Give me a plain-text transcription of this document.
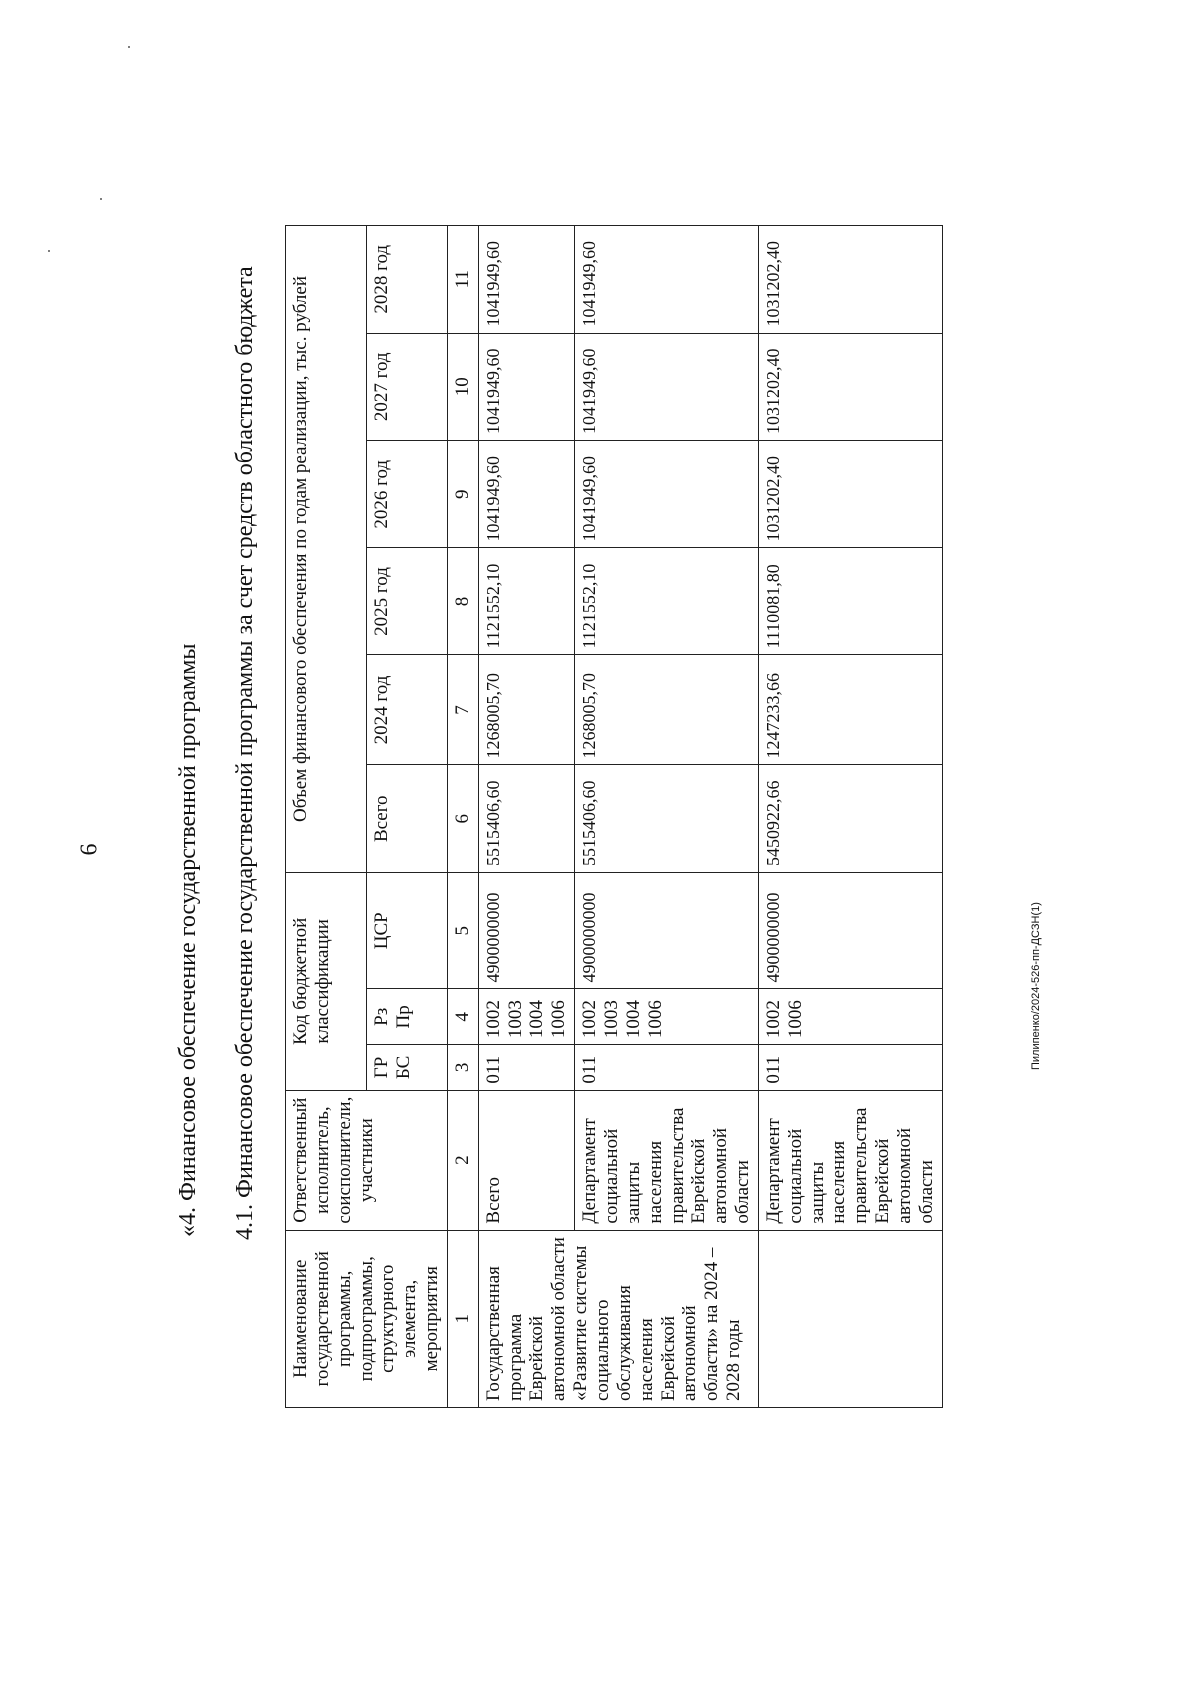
6	«4. Финансовое обеспечение государственной программы 4.1. Финансовое обеспечение государственной программы за счет средств областного бюджета
Наименование государственной программы, подпрограммы, структурного элемента, мероприятия	Ответственный исполнитель, соисполнители, участники	Код бюджетной классификации			Объем финансового обеспечения по годам реализации, тыс. рублей					
		ГР БС	Рз Пр	ЦСР	Всего	2024 год	2025 год	2026 год	2027 год	2028 год
1	2	3	4	5	6	7	8	9	10	11
Государственная программа Еврейской автономной области «Развитие системы социального обслуживания населения Еврейской автономной области» на 2024 – 2028 годы	Всего	011	1002
1003
1004
1006	4900000000	5515406,60	1268005,70	1121552,10	1041949,60	1041949,60	1041949,60
	Департамент социальной защиты населения правительства Еврейской автономной области	011	1002
1003
1004
1006	4900000000	5515406,60	1268005,70	1121552,10	1041949,60	1041949,60	1041949,60
	Департамент социальной защиты населения правительства Еврейской автономной области	011	1002
1006	4900000000	5450922,66	1247233,66	1110081,80	1031202,40	1031202,40	1031202,40
Пилипенко/2024-526-пп-ДСЗН(1)
